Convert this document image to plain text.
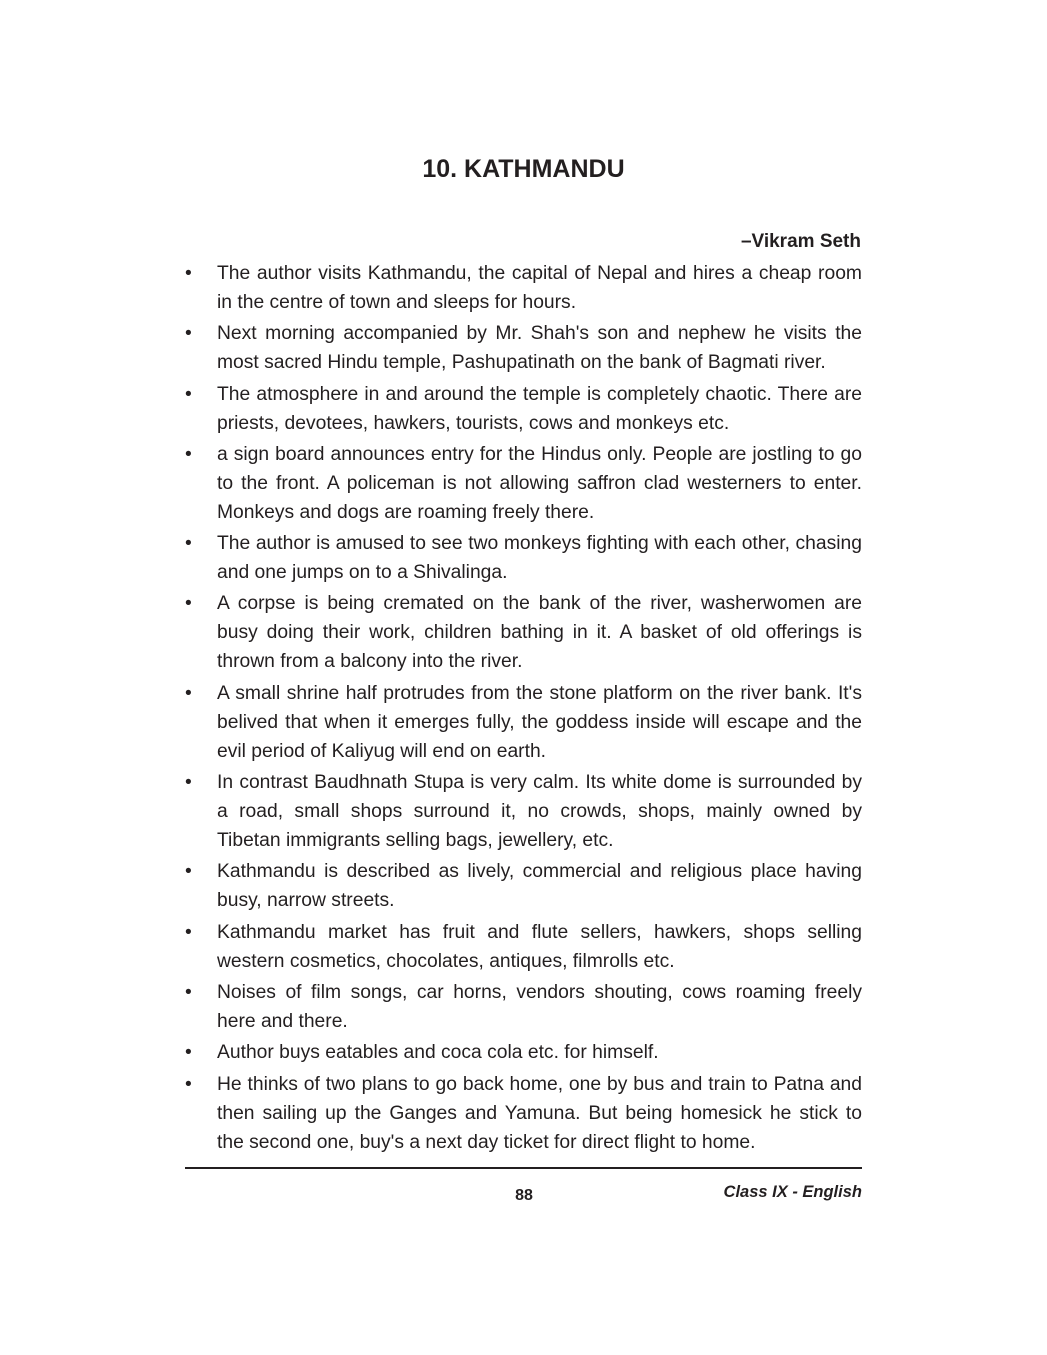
10. KATHMANDU

–Vikram Seth

• The author visits Kathmandu, the capital of Nepal and hires a cheap room in the centre of town and sleeps for hours.
• Next morning accompanied by Mr. Shah's son and nephew he visits the most sacred Hindu temple, Pashupatinath on the bank of Bagmati river.
• The atmosphere in and around the temple is completely chaotic. There are priests, devotees, hawkers, tourists, cows and monkeys etc.
• a sign board announces entry for the Hindus only. People are jostling to go to the front. A policeman is not allowing saffron clad westerners to enter. Monkeys and dogs are roaming freely there.
• The author is amused to see two monkeys fighting with each other, chasing and one jumps on to a Shivalinga.
• A corpse is being cremated on the bank of the river, washerwomen are busy doing their work, children bathing in it. A basket of old offerings is thrown from a balcony into the river.
• A small shrine half protrudes from the stone platform on the river bank. It's belived that when it emerges fully, the goddess inside will escape and the evil period of Kaliyug will end on earth.
• In contrast Baudhnath Stupa is very calm. Its white dome is surrounded by a road, small shops surround it, no crowds, shops, mainly owned by Tibetan immigrants selling bags, jewellery, etc.
• Kathmandu is described as lively, commercial and religious place having busy, narrow streets.
• Kathmandu market has fruit and flute sellers, hawkers, shops selling western cosmetics, chocolates, antiques, filmrolls etc.
• Noises of film songs, car horns, vendors shouting, cows roaming freely here and there.
• Author buys eatables and coca cola etc. for himself.
• He thinks of two plans to go back home, one by bus and train to Patna and then sailing up the Ganges and Yamuna. But being homesick he stick to the second one, buy's a next day ticket for direct flight to home.
88	Class IX - English
